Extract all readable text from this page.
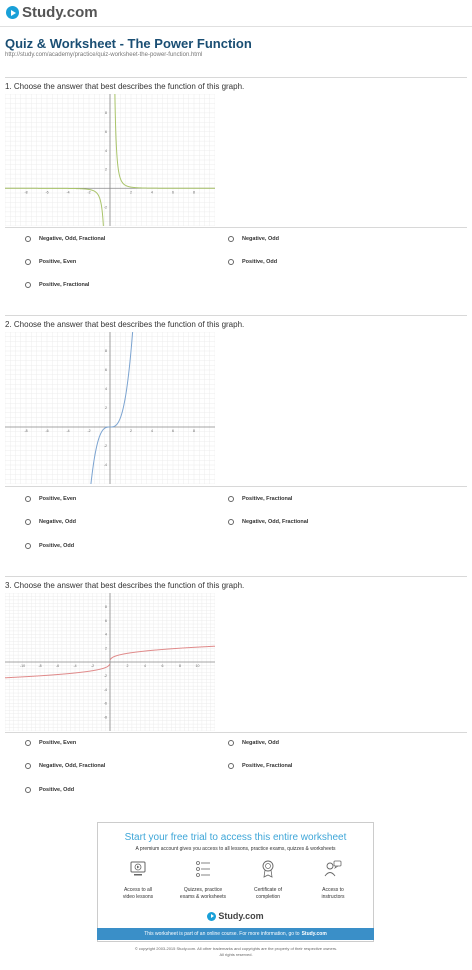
Study.com
Quiz & Worksheet - The Power Function
http://study.com/academy/practice/quiz-worksheet-the-power-function.html
1. Choose the answer that best describes the function of this graph.
-8	-6	-4	-2	2	4	6	8
8
6
4
2
-2
Negative, Odd, Fractional	Negative, Odd
Positive, Even	Positive, Odd
Positive, Fractional
2. Choose the answer that best describes the function of this graph.
-8	-6	-4	-2	2	4	6	8
8
6
4
2
-2
-4
Positive, Even	Positive, Fractional
Negative, Odd	Negative, Odd, Fractional
Positive, Odd
3. Choose the answer that best describes the function of this graph.
-10	-8	-6	-4	-2	2	4	6	8	10
8
6
4
2
-2
-4
-6
-8
Positive, Even	Negative, Odd
Negative, Odd, Fractional	Positive, Fractional
Positive, Odd
Start your free trial to access this entire worksheet
A premium account gives you access to all lessons, practice exams, quizzes & worksheets
Access to all
video lessons
Quizzes, practice
exams & worksheets
Certificate of
completion
Access to
instructors
Study.com
This worksheet is part of an online course. For more information, go to Study.com
© copyright 2003-2015 Study.com. All other trademarks and copyrights are the property of their respective owners.
All rights reserved.
